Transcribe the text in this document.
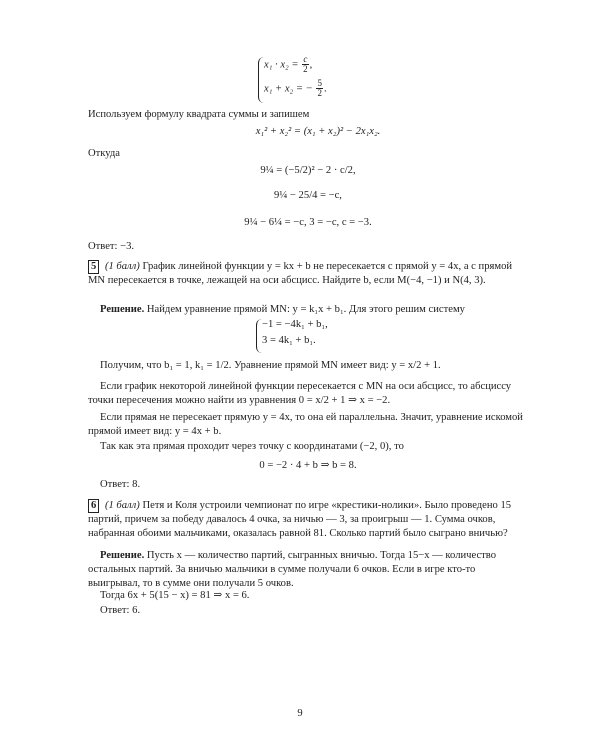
$x_1 \cdot x_2 = \frac{c}{2}$ ,
x₁ + x₂ = − $\frac{5}{2}$ .

Используем формулу квадрата суммы и запишем

x₁² + x₂² = (x₁ + x₂)² − 2x₁x₂.

Откуда

9¼ = (−5/2)² − 2 · c/2,
9¼ − 25/4 = −c,
9¼ − 6¼ = −c, 3 = −c, c = −3.

Ответ: −3.

5 (1 балл) График линейной функции y = kx + b не пересекается с прямой y = 4x, а с прямой MN пересекается в точке, лежащей на оси абсцисс. Найдите b, если M(−4, −1) и N(4, 3).

Решение. Найдем уравнение прямой MN: y = k₁x + b₁. Для этого решим систему

−1 = −4k₁ + b₁,
3 = 4k₁ + b₁.

Получим, что b₁ = 1, k₁ = 1/2. Уравнение прямой MN имеет вид: y = x/2 + 1.

Если график некоторой линейной функции пересекается с MN на оси абсцисс, то абсциссу точки пересечения можно найти из уравнения 0 = x/2 + 1 ⇒ x = −2.

Если прямая не пересекает прямую y = 4x, то она ей параллельна. Значит, уравнение искомой прямой имеет вид: y = 4x + b.

Так как эта прямая проходит через точку с координатами (−2, 0), то

0 = −2 · 4 + b ⇒ b = 8.

Ответ: 8.

6 (1 балл) Петя и Коля устроили чемпионат по игре «крестики-нолики». Было проведено 15 партий, причем за победу давалось 4 очка, за ничью — 3, за проигрыш — 1. Сумма очков, набранная обоими мальчиками, оказалась равной 81. Сколько партий было сыграно вничью?

Решение. Пусть x — количество партий, сыгранных вничью. Тогда 15−x — количество остальных партий. За вничью мальчики в сумме получали 6 очков. Если в игре кто-то выигрывал, то в сумме они получали 5 очков.

Тогда 6x + 5(15 − x) = 81 ⇒ x = 6.

Ответ: 6.

9
